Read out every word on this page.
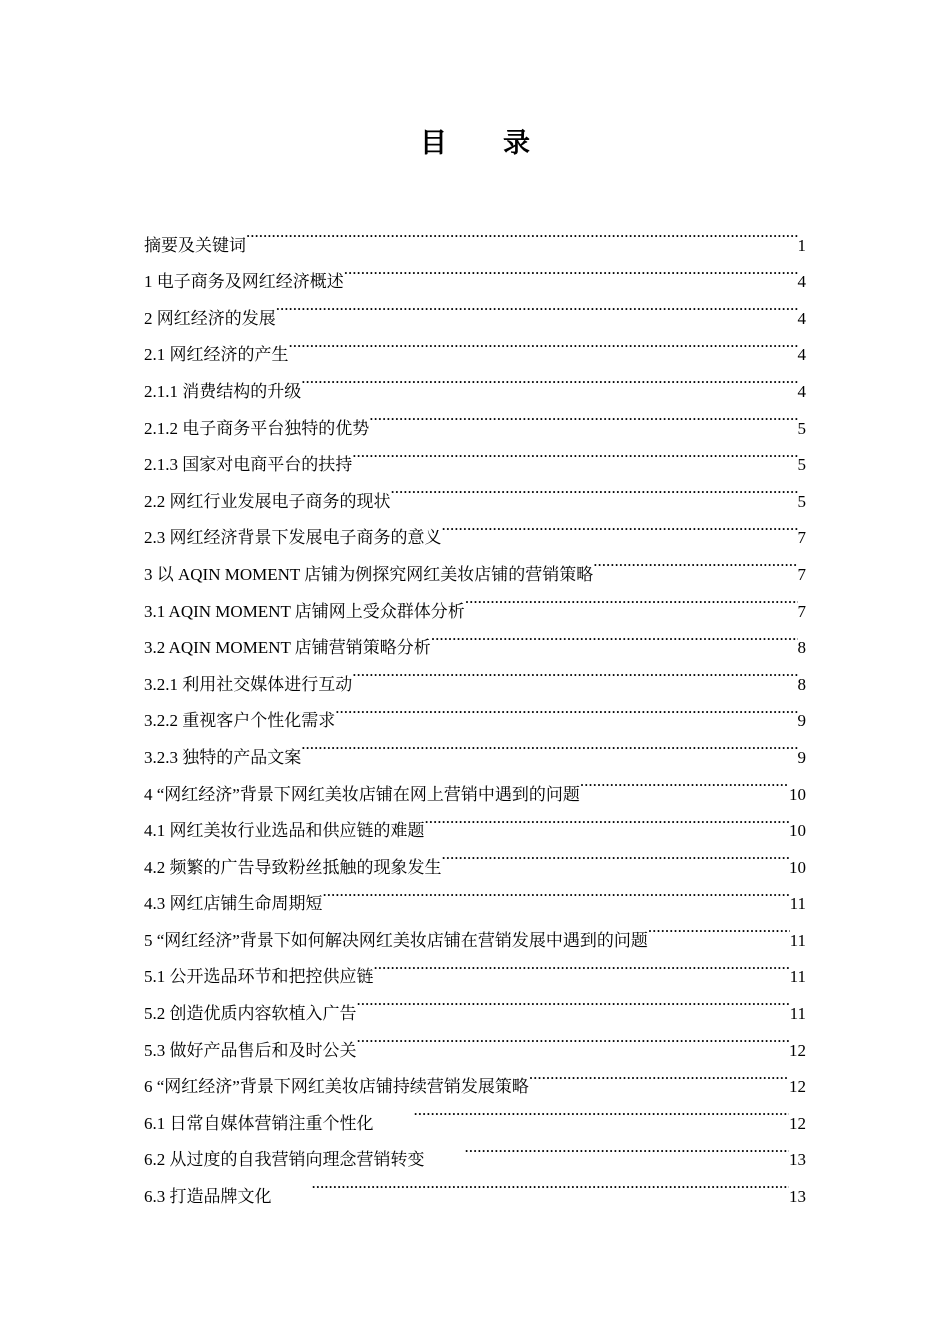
目 录
摘要及关键词 .....	1
1 电子商务及网红经济概述 .....	4
2 网红经济的发展 .....	4
2.1 网红经济的产生 .....	4
2.1.1 消费结构的升级 .....	4
2.1.2 电子商务平台独特的优势 .....	5
2.1.3 国家对电商平台的扶持 .....	5
2.2 网红行业发展电子商务的现状 .....	5
2.3 网红经济背景下发展电子商务的意义 .....	7
3 以 AQIN MOMENT 店铺为例探究网红美妆店铺的营销策略 .....	7
3.1 AQIN MOMENT 店铺网上受众群体分析 .....	7
3.2 AQIN MOMENT 店铺营销策略分析 .....	8
3.2.1 利用社交媒体进行互动 .....	8
3.2.2 重视客户个性化需求 .....	9
3.2.3 独特的产品文案 .....	9
4 “网红经济”背景下网红美妆店铺在网上营销中遇到的问题 .....	10
4.1 网红美妆行业选品和供应链的难题 .....	10
4.2 频繁的广告导致粉丝抵触的现象发生 .....	10
4.3 网红店铺生命周期短 .....	11
5 “网红经济”背景下如何解决网红美妆店铺在营销发展中遇到的问题 .....	11
5.1 公开选品环节和把控供应链 .....	11
5.2 创造优质内容软植入广告 .....	11
5.3 做好产品售后和及时公关 .....	12
6 “网红经济”背景下网红美妆店铺持续营销发展策略 .....	12
6.1 日常自媒体营销注重个性化 .....	12
6.2 从过度的自我营销向理念营销转变 .....	13
6.3 打造品牌文化 .....	13
